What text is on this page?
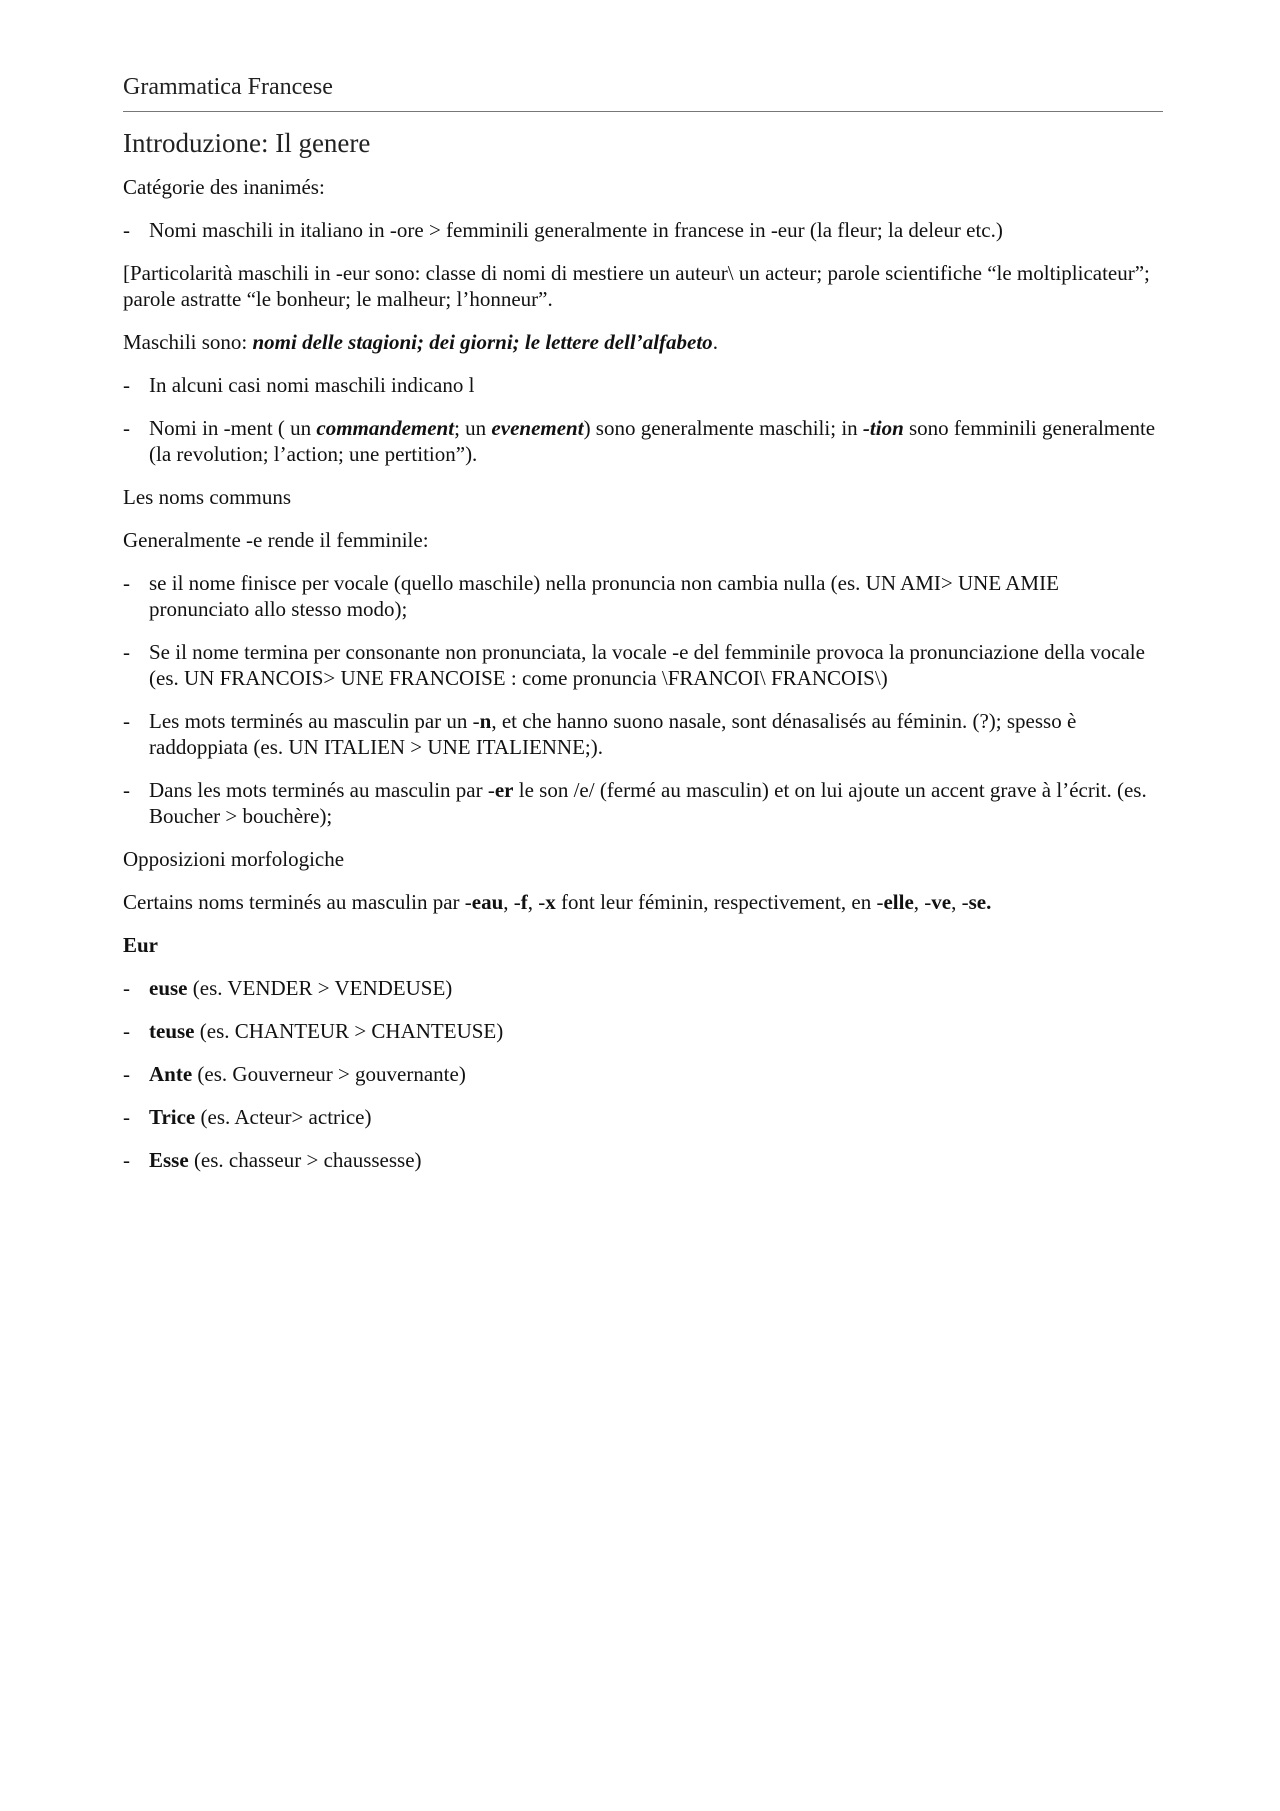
Grammatica Francese
Introduzione: Il genere
Catégorie des inanimés:
- Nomi maschili in italiano in -ore > femminili generalmente in francese in -eur (la fleur; la deleur etc.)
[Particolarità maschili in -eur sono: classe di nomi di mestiere un auteur\ un acteur; parole scientifiche “le moltiplicateur”; parole astratte “le bonheur; le malheur; l’honneur”.
Maschili sono: nomi delle stagioni; dei giorni; le lettere dell’alfabeto.
- In alcuni casi nomi maschili indicano l
- Nomi in -ment ( un commandement; un evenement) sono generalmente maschili; in -tion sono femminili generalmente (la revolution; l’action; une pertition”).
Les noms communs
Generalmente -e rende il femminile:
- se il nome finisce per vocale (quello maschile) nella pronuncia non cambia nulla (es. UN AMI> UNE AMIE pronunciato allo stesso modo);
- Se il nome termina per consonante non pronunciata, la vocale -e del femminile provoca la pronunciazione della vocale (es. UN FRANCOIS> UNE FRANCOISE : come pronuncia \FRANCOI\ FRANCOIS\)
- Les mots terminés au masculin par un -n, et che hanno suono nasale, sont dénasalisés au féminin. (?); spesso è raddoppiata (es. UN ITALIEN > UNE ITALIENNE;).
- Dans les mots terminés au masculin par -er le son /e/ (fermé au masculin) et on lui ajoute un accent grave à l’écrit. (es. Boucher > bouchère);
Opposizioni morfologiche
Certains noms terminés au masculin par -eau, -f, -x font leur féminin, respectivement, en -elle, -ve, -se.
Eur
- euse (es. VENDER > VENDEUSE)
- teuse (es. CHANTEUR > CHANTEUSE)
- Ante (es. Gouverneur > gouvernante)
- Trice (es. Acteur> actrice)
- Esse (es. chasseur > chaussesse)
